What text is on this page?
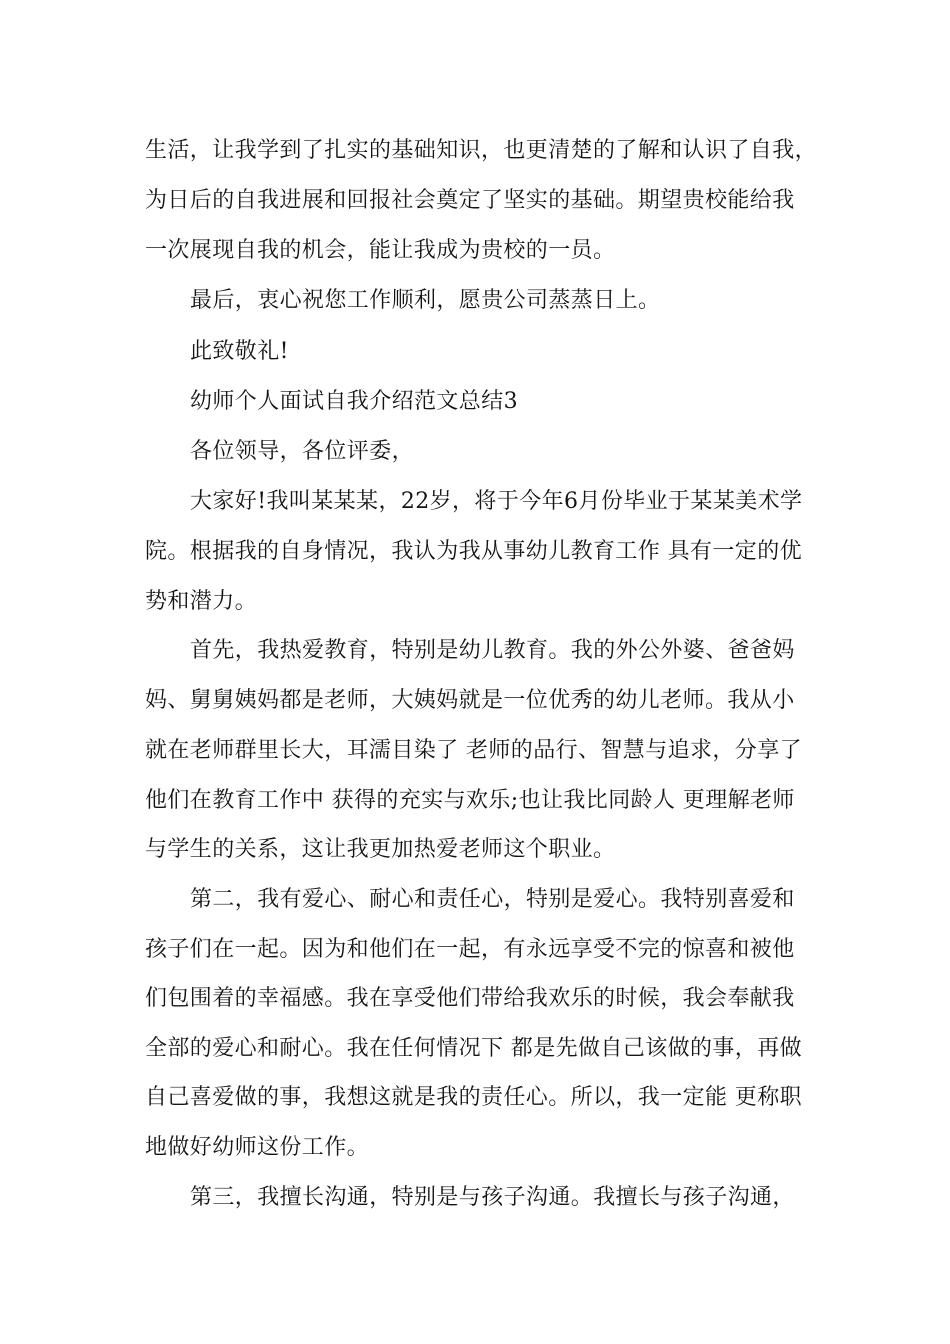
生活，让我学到了扎实的基础知识，也更清楚的了解和认识了自我，
为日后的自我进展和回报社会奠定了坚实的基础。期望贵校能给我
一次展现自我的机会，能让我成为贵校的一员。
最后，衷心祝您工作顺利，愿贵公司蒸蒸日上。
此致敬礼!
幼师个人面试自我介绍范文总结3
各位领导，各位评委，
大家好!我叫某某某，22岁，将于今年6月份毕业于某某美术学
院。根据我的自身情况，我认为我从事幼儿教育工作 具有一定的优
势和潜力。
首先，我热爱教育，特别是幼儿教育。我的外公外婆、爸爸妈
妈、舅舅姨妈都是老师，大姨妈就是一位优秀的幼儿老师。我从小
就在老师群里长大，耳濡目染了 老师的品行、智慧与追求，分享了
他们在教育工作中 获得的充实与欢乐;也让我比同龄人 更理解老师
与学生的关系，这让我更加热爱老师这个职业。
第二，我有爱心、耐心和责任心，特别是爱心。我特别喜爱和
孩子们在一起。因为和他们在一起，有永远享受不完的惊喜和被他
们包围着的幸福感。我在享受他们带给我欢乐的时候，我会奉献我
全部的爱心和耐心。我在任何情况下 都是先做自己该做的事，再做
自己喜爱做的事，我想这就是我的责任心。所以，我一定能 更称职
地做好幼师这份工作。
第三，我擅长沟通，特别是与孩子沟通。我擅长与孩子沟通，
